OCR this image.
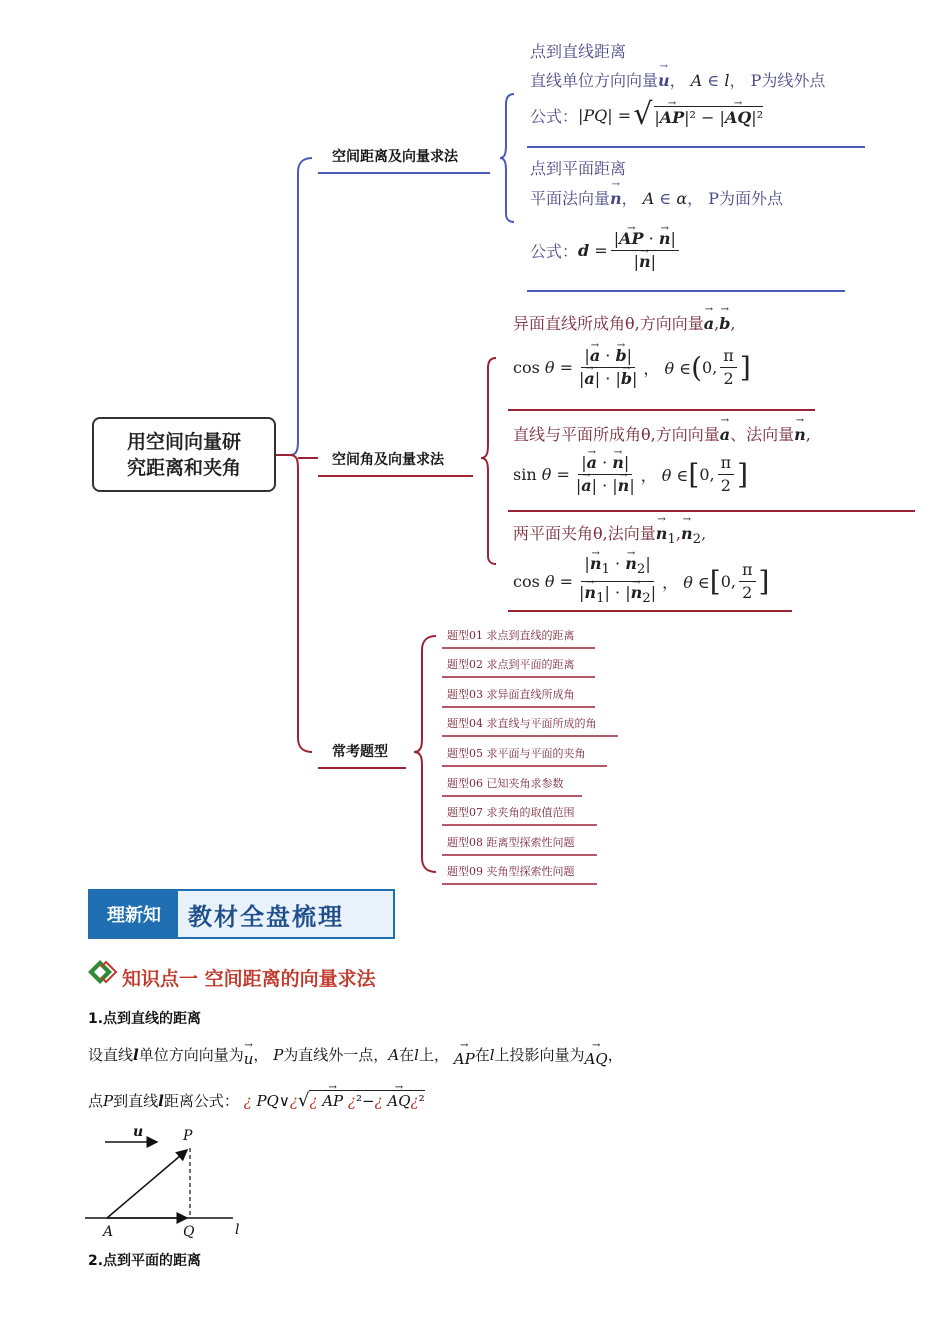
用空间向量研
究距离和夹角
空间距离及向量求法
空间角及向量求法
常考题型
点到直线距离
直线单位方向向量→ u， A ∈ l， P为线外点
公式： |PQ| = √ |→ AP|² − |→ AQ|²
点到平面距离
平面法向量→ n， A ∈ α， P为面外点
公式： $d = \frac{|\to AP \cdot \to n|}{|\to n|}$
异面直线所成角θ,方向向量→ a,→ b,
$\cos \theta = \frac{|\to a \cdot \to b|}{|\to a| \cdot |\to b|}$ ， θ ∈ ( 0, $\frac{\pi}{2}$ ]
直线与平面所成角θ,方向向量→ a、法向量→ n,
$\sin \theta = \frac{|\to a \cdot \to n|}{|\to a| \cdot |\to n|}$ ， θ ∈ [ 0, $\frac{\pi}{2}$ ]
两平面夹角θ,法向量→ $n_1,\to n_2$,
$\cos \theta = \frac{|\to n_1 \cdot \to n_2|}{|\to n_1| \cdot |\to n_2|}$ ， θ ∈ [ 0, $\frac{\pi}{2}$ ]
题型01 求点到直线的距离
题型02 求点到平面的距离
题型03 求异面直线所成角
题型04 求直线与平面所成的角
题型05 求平面与平面的夹角
题型06 已知夹角求参数
题型07 求夹角的取值范围
题型08 距离型探索性问题
题型09 夹角型探索性问题
理新知	教材全盘梳理
知识点一 空间距离的向量求法
1.点到直线的距离
设直线l单位方向向量为→ u， P为直线外一点，A在l上， → AP在l上投影向量为→ AQ，
点P到直线l距离公式： ¿ PQ∨¿√¿ → AP ¿²−¿ → AQ¿²
u	P
A	Q	l
2.点到平面的距离
